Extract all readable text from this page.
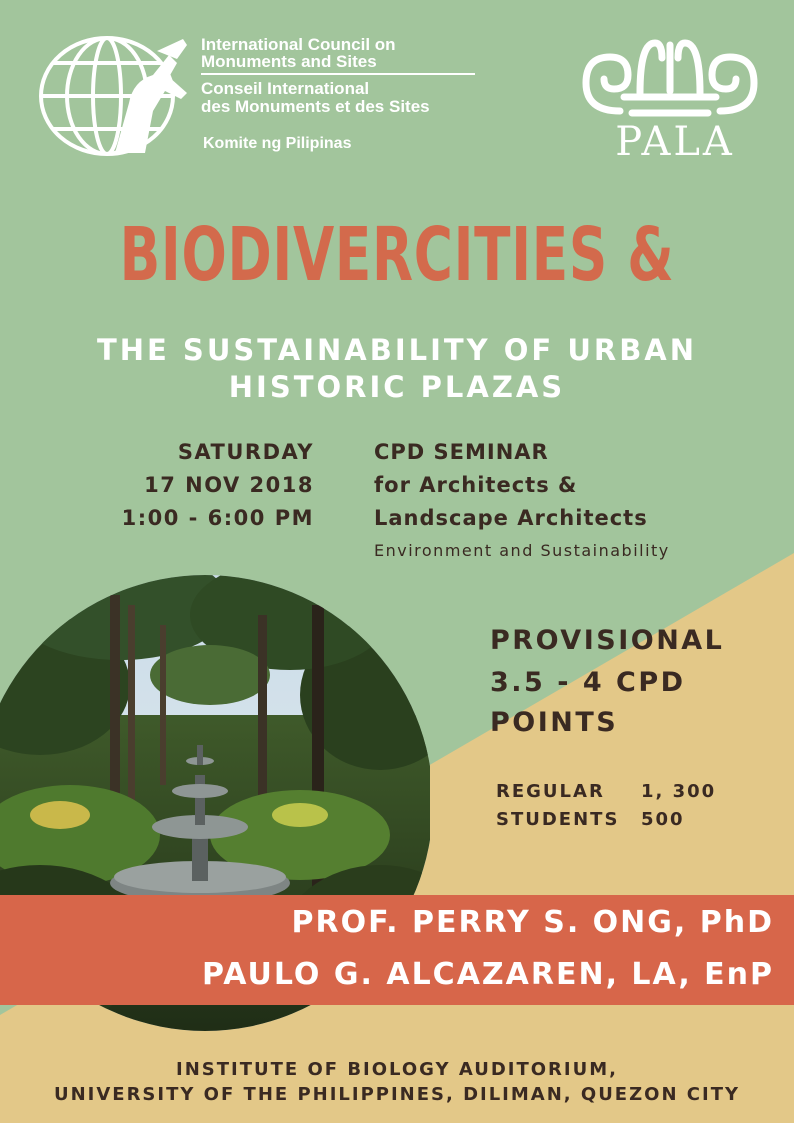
International Council on
Monuments and Sites
Conseil International
des Monuments et des Sites
Komite ng Pilipinas	PALA
BIODIVERCITIES &
THE SUSTAINABILITY OF URBAN
HISTORIC PLAZAS
SATURDAY
17 NOV 2018
1:00 - 6:00 PM
CPD SEMINAR
for Architects &
Landscape Architects
Environment and Sustainability
PROVISIONAL
3.5 - 4 CPD
POINTS
REGULAR 1, 300
STUDENTS 500
PROF. PERRY S. ONG, PhD
PAULO G. ALCAZAREN, LA, EnP
INSTITUTE OF BIOLOGY AUDITORIUM,
UNIVERSITY OF THE PHILIPPINES, DILIMAN, QUEZON CITY
